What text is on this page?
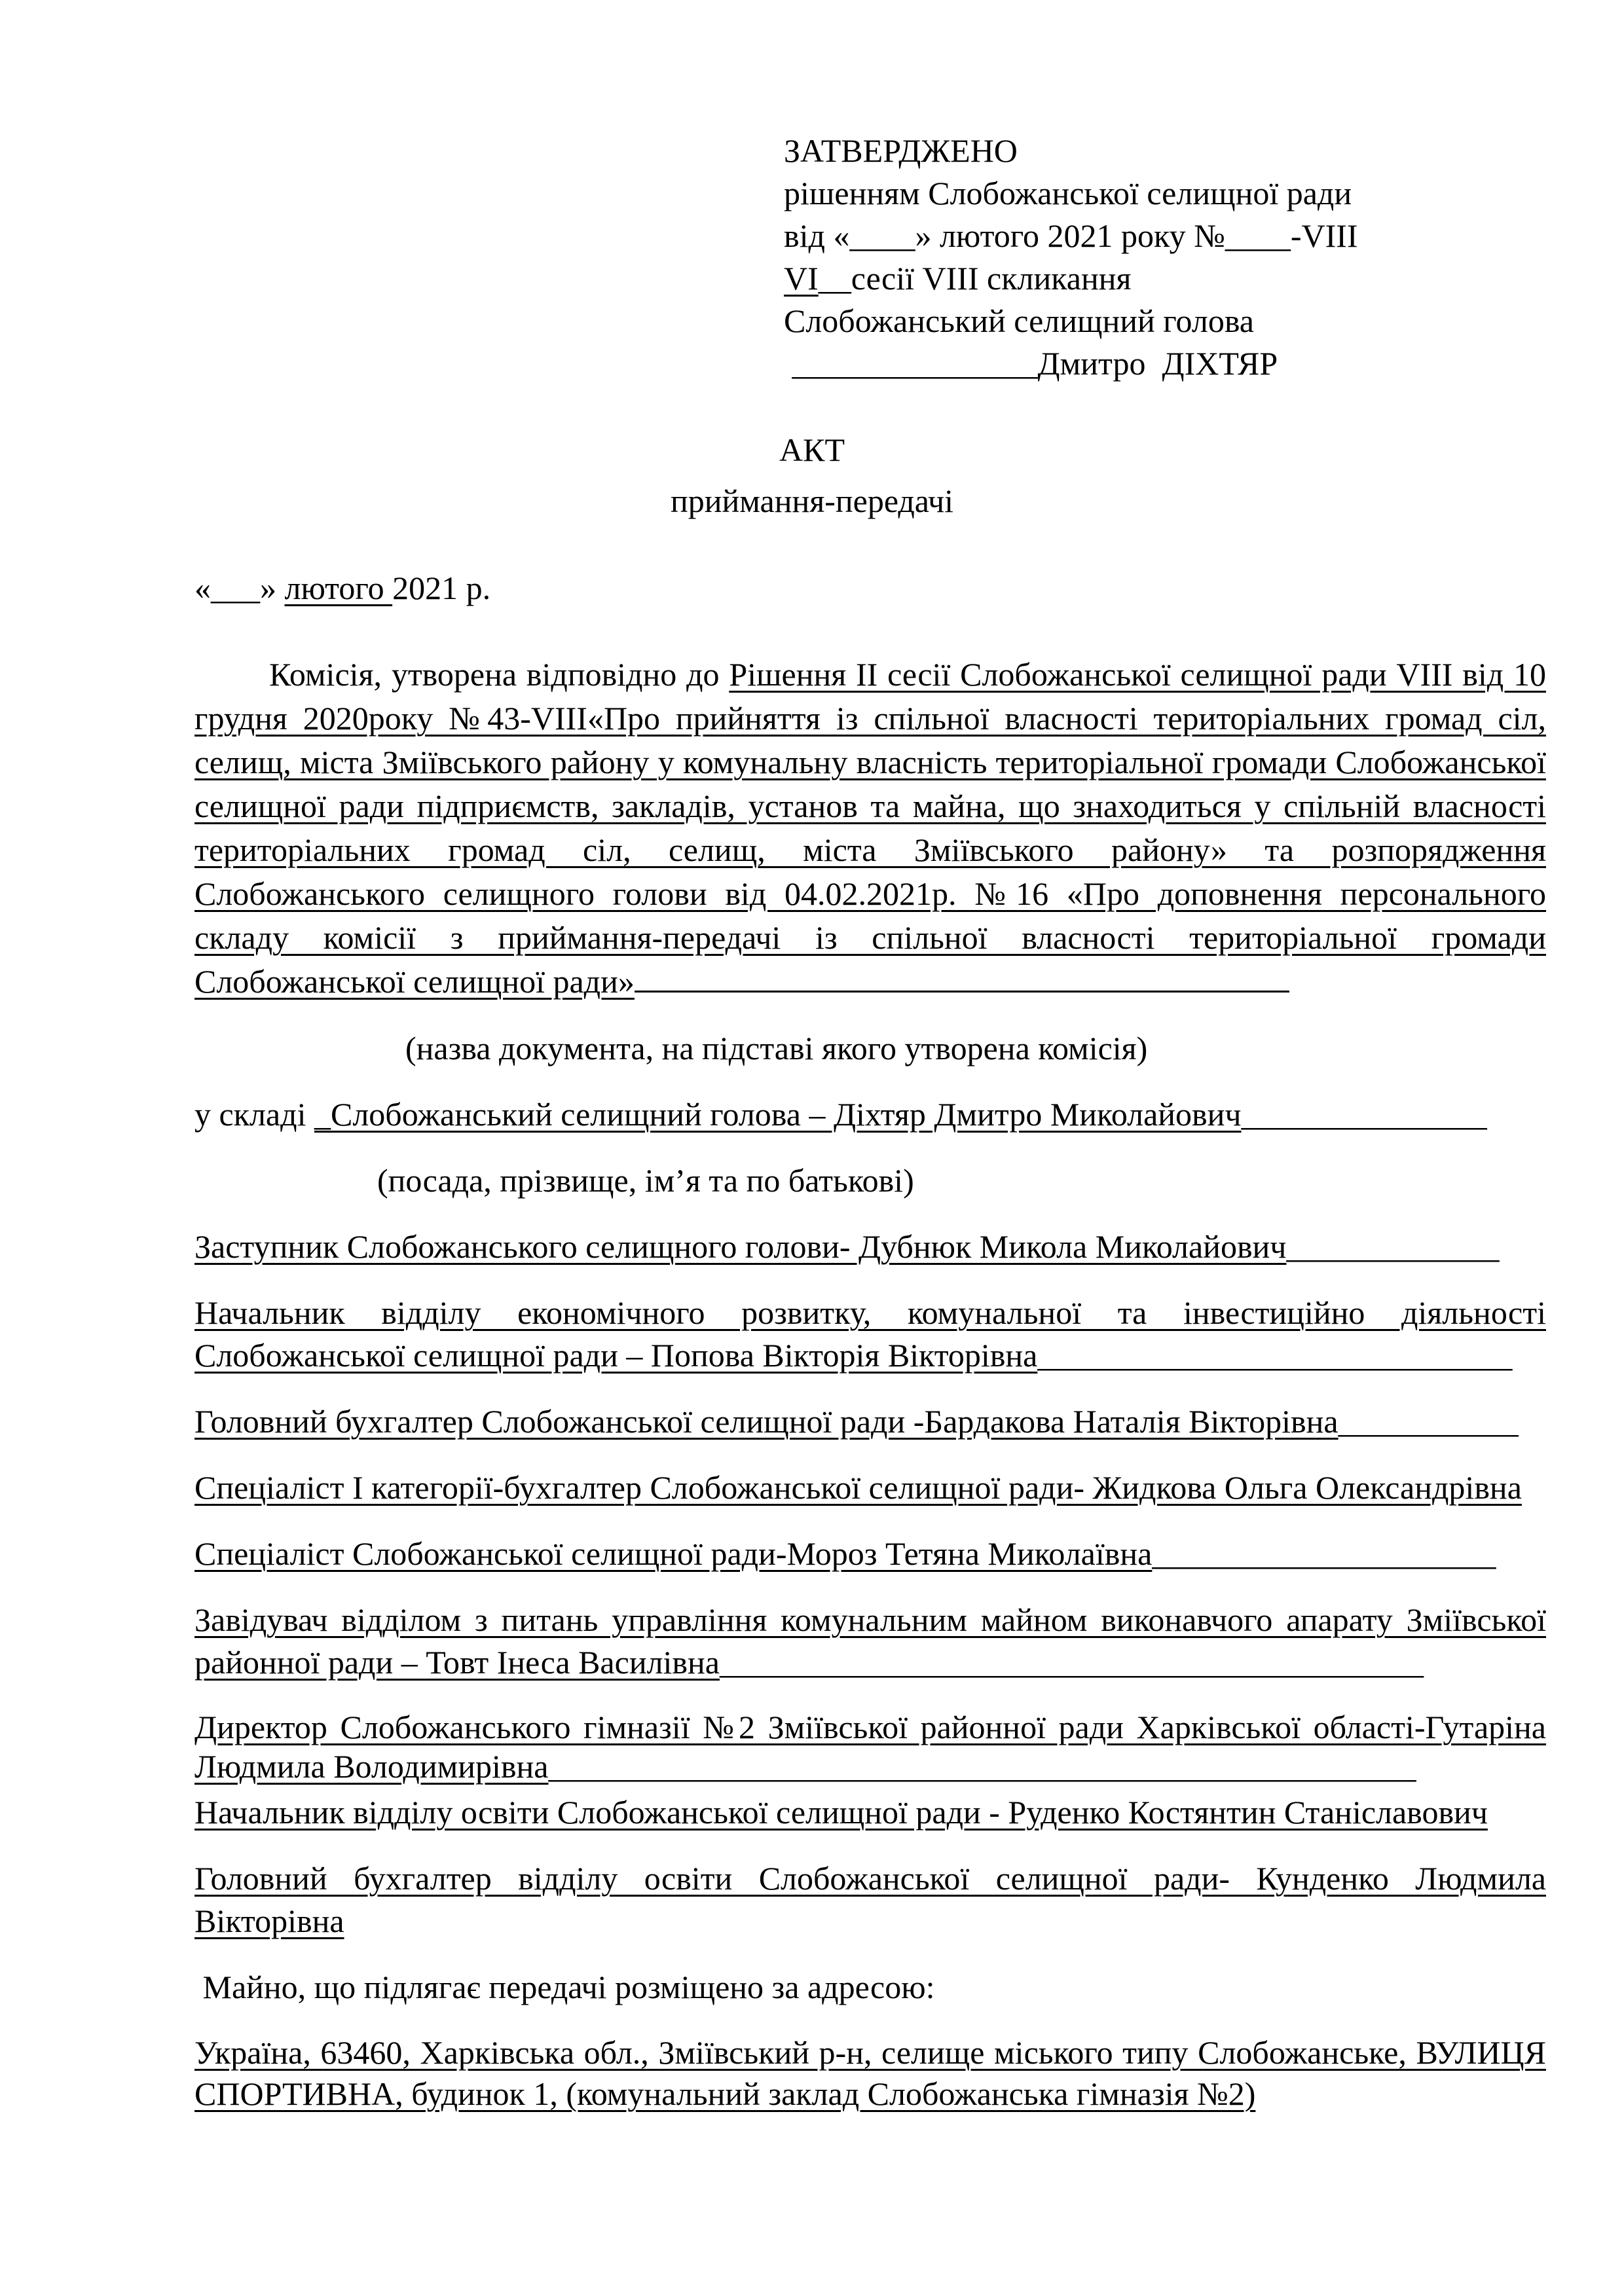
ЗАТВЕРДЖЕНО
рішенням Слобожанської селищної ради
від «____» лютого 2021 року №____-VIII
VI__сесії VIII скликання
Слобожанський селищний голова
_______________Дмитро  ДІХТЯР
АКТ
приймання-передачі
«___» лютого 2021 р.
Комісія, утворена відповідно до Рішення ІІ сесії Слобожанської селищної ради VIII від 10 грудня 2020року №43-VIII«Про прийняття із спільної власності територіальних громад сіл, селищ, міста Зміївського району у комунальну власність територіальної громади Слобожанської селищної ради підприємств, закладів, установ та майна, що знаходиться у спільній власності територіальних громад сіл, селищ, міста Зміївського району» та розпорядження Слобожанського селищного голови від 04.02.2021р. №16 «Про доповнення персонального складу комісії з приймання-передачі із спільної власності територіальної громади Слобожанської селищної ради»
(назва документа, на підставі якого утворена комісія)
у складі _Слобожанський селищний голова – Діхтяр Дмитро Миколайович_______________
(посада, прізвище, ім’я та по батькові)
Заступник Слобожанського селищного голови- Дубнюк Микола Миколайович_____________
Начальник відділу економічного розвитку, комунальної та інвестиційно діяльності Слобожанської селищної ради – Попова Вікторія Вікторівна_____________________________
Головний бухгалтер Слобожанської селищної ради -Бардакова Наталія Вікторівна___________
Спеціаліст І категорії-бухгалтер Слобожанської селищної ради- Жидкова Ольга Олександрівна
Спеціаліст Слобожанської селищної ради-Мороз Тетяна Миколаївна_____________________
Завідувач відділом з питань управління комунальним майном виконавчого апарату Зміївської районної ради – Товт Інеса Василівна___________________________________________
Директор Слобожанського гімназії №2 Зміївської районної ради Харківської області-Гутаріна Людмила Володимирівна_____________________________________________________
Начальник відділу освіти Слобожанської селищної ради - Руденко Костянтин Станіславович
Головний бухгалтер відділу освіти Слобожанської селищної ради- Кунденко Людмила Вікторівна
Майно, що підлягає передачі розміщено за адресою:
Україна, 63460, Харківська обл., Зміївський р-н, селище міського типу Слобожанське, ВУЛИЦЯ СПОРТИВНА, будинок 1, (комунальний заклад Слобожанська гімназія №2)
